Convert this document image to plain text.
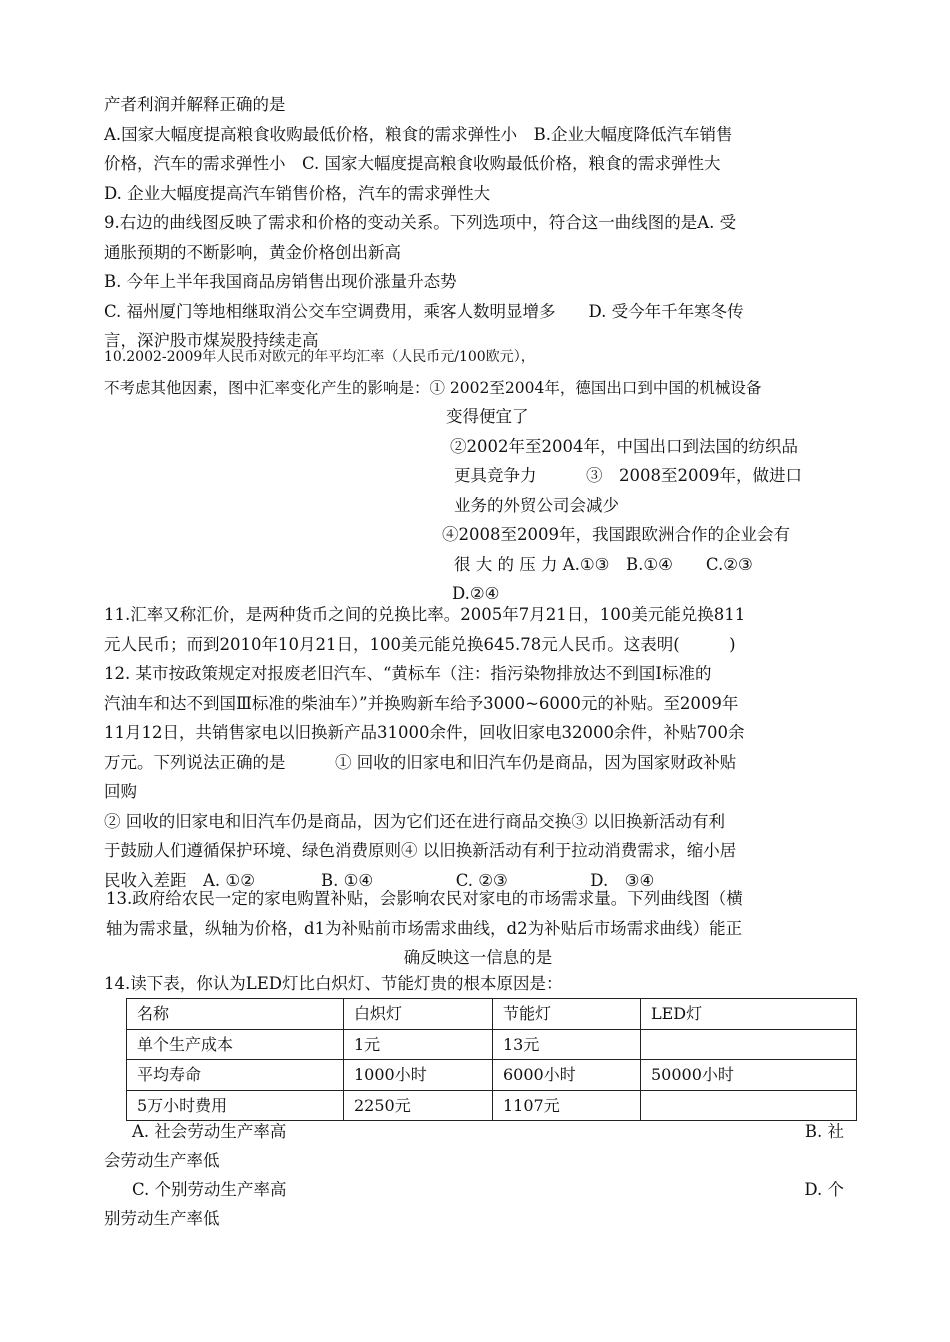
产者利润并解释正确的是
A.国家大幅度提高粮食收购最低价格，粮食的需求弹性小　B.企业大幅度降低汽车销售
价格，汽车的需求弹性小　C. 国家大幅度提高粮食收购最低价格，粮食的需求弹性大
D. 企业大幅度提高汽车销售价格，汽车的需求弹性大
9.右边的曲线图反映了需求和价格的变动关系。下列选项中，符合这一曲线图的是A. 受
通胀预期的不断影响，黄金价格创出新高
B. 今年上半年我国商品房销售出现价涨量升态势
C. 福州厦门等地相继取消公交车空调费用，乘客人数明显增多　　D. 受今年千年寒冬传
言，深沪股市煤炭股持续走高
10.2002-2009年人民币对欧元的年平均汇率（人民币元/100欧元），
不考虑其他因素，图中汇率变化产生的影响是：① 2002至2004年，德国出口到中国的机械设备
变得便宜了
②2002年至2004年，中国出口到法国的纺织品
更具竞争力　　　③　2008至2009年，做进口
业务的外贸公司会减少
④2008至2009年，我国跟欧洲合作的企业会有
很 大 的 压 力 A.①③　B.①④　　C.②③
D.②④
11.汇率又称汇价，是两种货币之间的兑换比率。2005年7月21日，100美元能兑换811
元人民币；而到2010年10月21日，100美元能兑换645.78元人民币。这表明(　　　)
12. 某市按政策规定对报废老旧汽车、“黄标车（注：指污染物排放达不到国Ⅰ标准的
汽油车和达不到国Ⅲ标准的柴油车）”并换购新车给予3000~6000元的补贴。至2009年
11月12日，共销售家电以旧换新产品31000余件，回收旧家电32000余件，补贴700余
万元。下列说法正确的是　　　① 回收的旧家电和旧汽车仍是商品，因为国家财政补贴
回购
② 回收的旧家电和旧汽车仍是商品，因为它们还在进行商品交换③ 以旧换新活动有利
于鼓励人们遵循保护环境、绿色消费原则④ 以旧换新活动有利于拉动消费需求，缩小居
民收入差距　A. ①②　　　　B. ①④　　　　　C. ②③　　　　　D.　③④
13.政府给农民一定的家电购置补贴，会影响农民对家电的市场需求量。下列曲线图（横
轴为需求量，纵轴为价格，d1为补贴前市场需求曲线，d2为补贴后市场需求曲线）能正
确反映这一信息的是
14.读下表，你认为LED灯比白炽灯、节能灯贵的根本原因是：
名称	白炽灯	节能灯	LED灯
单个生产成本	1元	13元	
平均寿命	1000小时	6000小时	50000小时
5万小时费用	2250元	1107元	
A. 社会劳动生产率高	B. 社
会劳动生产率低
C. 个别劳动生产率高	D. 个
别劳动生产率低
